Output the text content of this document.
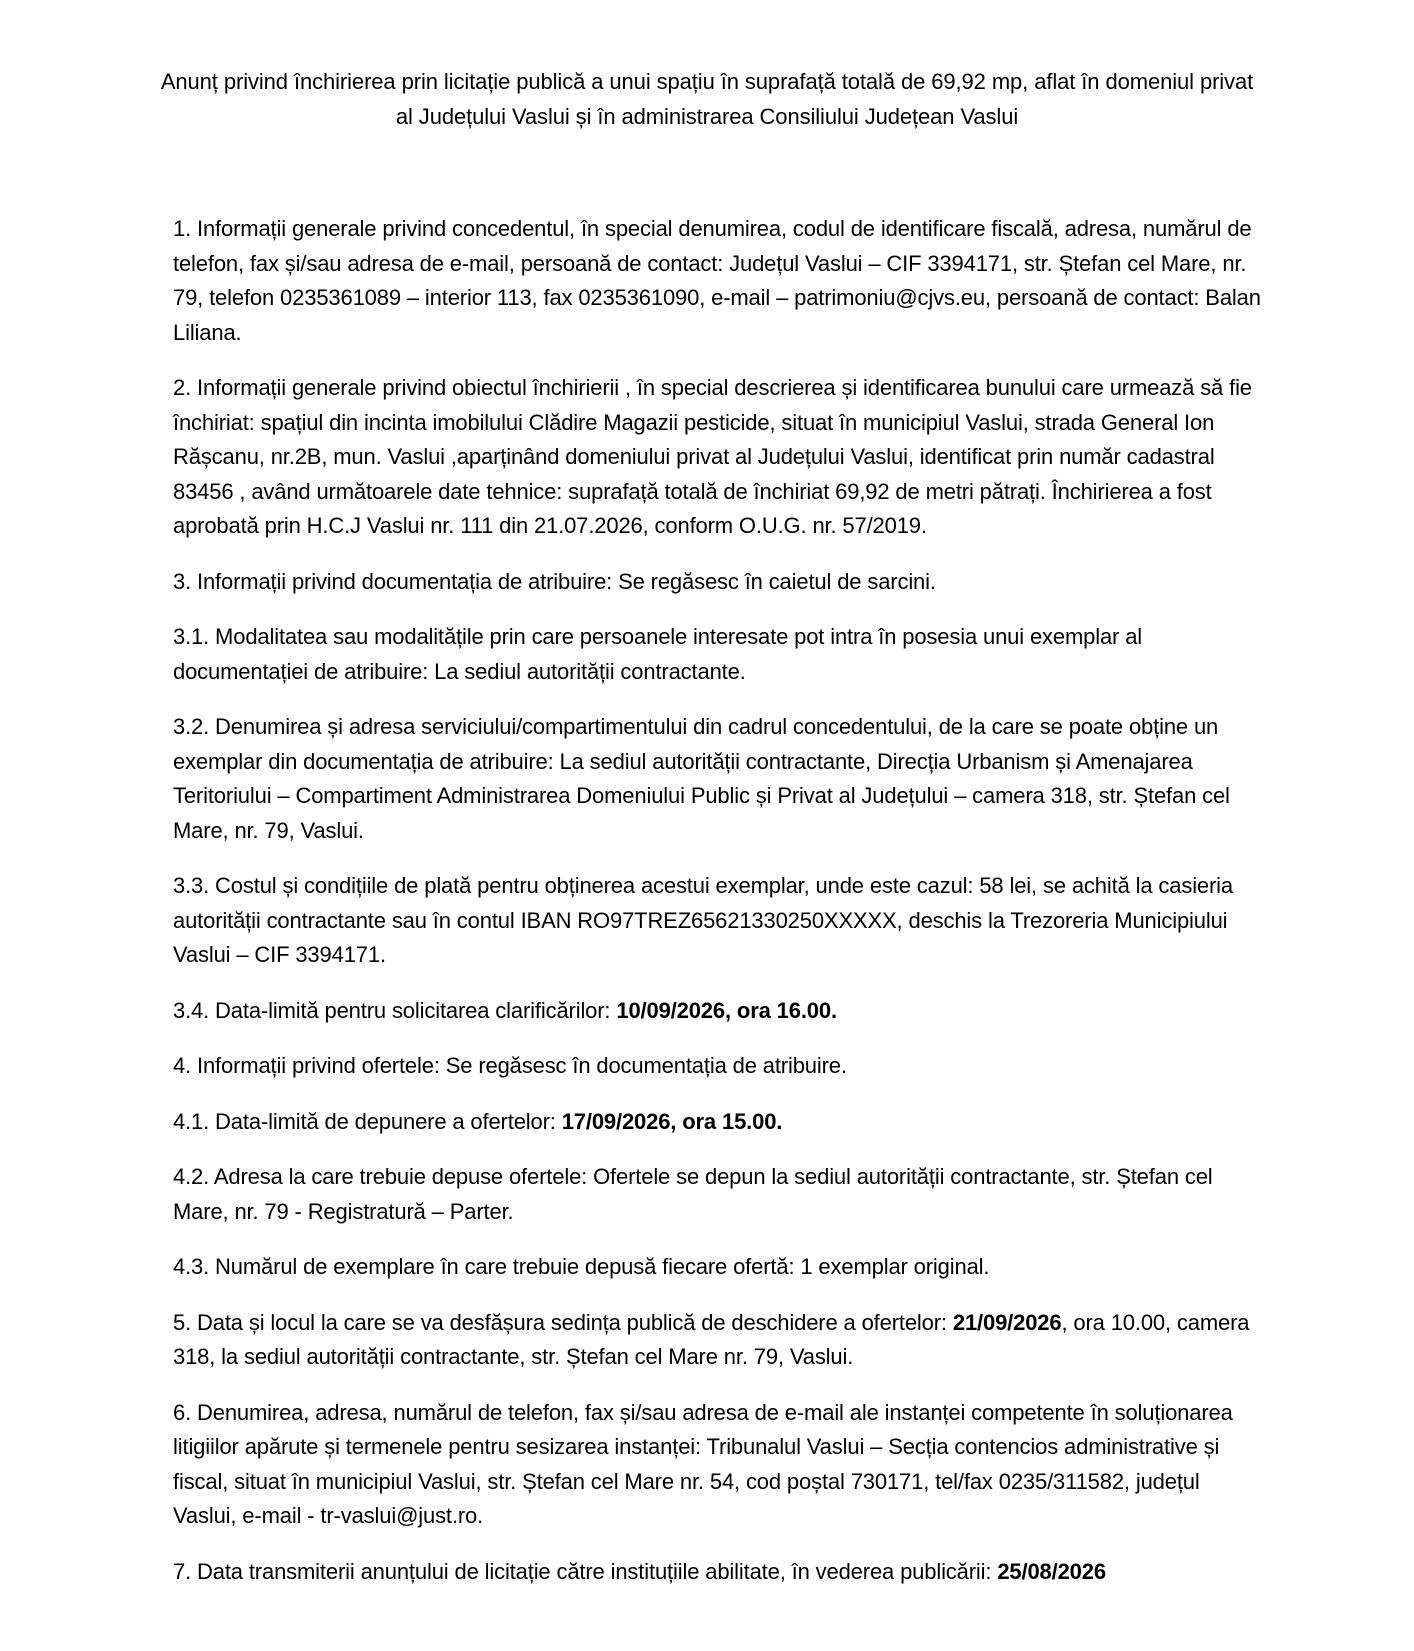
Anunț privind închirierea prin licitație publică a unui spațiu în suprafață totală de 69,92 mp, aflat în domeniul privat al Județului Vaslui și în administrarea Consiliului Județean Vaslui

1. Informații generale privind concedentul, în special denumirea, codul de identificare fiscală, adresa, numărul de telefon, fax și/sau adresa de e-mail, persoană de contact: Județul Vaslui – CIF 3394171, str. Ștefan cel Mare, nr. 79, telefon 0235361089 – interior 113, fax 0235361090, e-mail – patrimoniu@cjvs.eu, persoană de contact: Balan Liliana.

2. Informații generale privind obiectul închirierii , în special descrierea și identificarea bunului care urmează să fie închiriat: spațiul din incinta imobilului Clădire Magazii pesticide, situat în municipiul Vaslui, strada General Ion Rășcanu, nr.2B, mun. Vaslui ,aparținând domeniului privat al Județului Vaslui, identificat prin număr cadastral 83456 , având următoarele date tehnice: suprafață totală de închiriat 69,92 de metri pătrați. Închirierea a fost aprobată prin H.C.J Vaslui nr. 111 din 21.07.2026, conform O.U.G. nr. 57/2019.

3. Informații privind documentația de atribuire: Se regăsesc în caietul de sarcini.

3.1. Modalitatea sau modalitățile prin care persoanele interesate pot intra în posesia unui exemplar al documentației de atribuire: La sediul autorității contractante.

3.2. Denumirea și adresa serviciului/compartimentului din cadrul concedentului, de la care se poate obține un exemplar din documentația de atribuire: La sediul autorității contractante, Direcția Urbanism și Amenajarea Teritoriului – Compartiment Administrarea Domeniului Public și Privat al Județului – camera 318, str. Ștefan cel Mare, nr. 79, Vaslui.

3.3. Costul și condițiile de plată pentru obținerea acestui exemplar, unde este cazul: 58 lei, se achită la casieria autorității contractante sau în contul IBAN RO97TREZ65621330250XXXXX, deschis la Trezoreria Municipiului Vaslui – CIF 3394171.

3.4. Data-limită pentru solicitarea clarificărilor: 10/09/2026, ora 16.00.

4. Informații privind ofertele: Se regăsesc în documentația de atribuire.

4.1. Data-limită de depunere a ofertelor: 17/09/2026, ora 15.00.

4.2. Adresa la care trebuie depuse ofertele: Ofertele se depun la sediul autorității contractante, str. Ștefan cel Mare, nr. 79 - Registratură – Parter.

4.3. Numărul de exemplare în care trebuie depusă fiecare ofertă: 1 exemplar original.

5. Data și locul la care se va desfășura sedința publică de deschidere a ofertelor: 21/09/2026, ora 10.00, camera 318, la sediul autorității contractante, str. Ștefan cel Mare nr. 79, Vaslui.

6. Denumirea, adresa, numărul de telefon, fax și/sau adresa de e-mail ale instanței competente în soluționarea litigiilor apărute și termenele pentru sesizarea instanței: Tribunalul Vaslui – Secția contencios administrative și fiscal, situat în municipiul Vaslui, str. Ștefan cel Mare nr. 54, cod poștal 730171, tel/fax 0235/311582, județul Vaslui, e-mail - tr-vaslui@just.ro.

7. Data transmiterii anunțului de licitație către instituțiile abilitate, în vederea publicării: 25/08/2026
